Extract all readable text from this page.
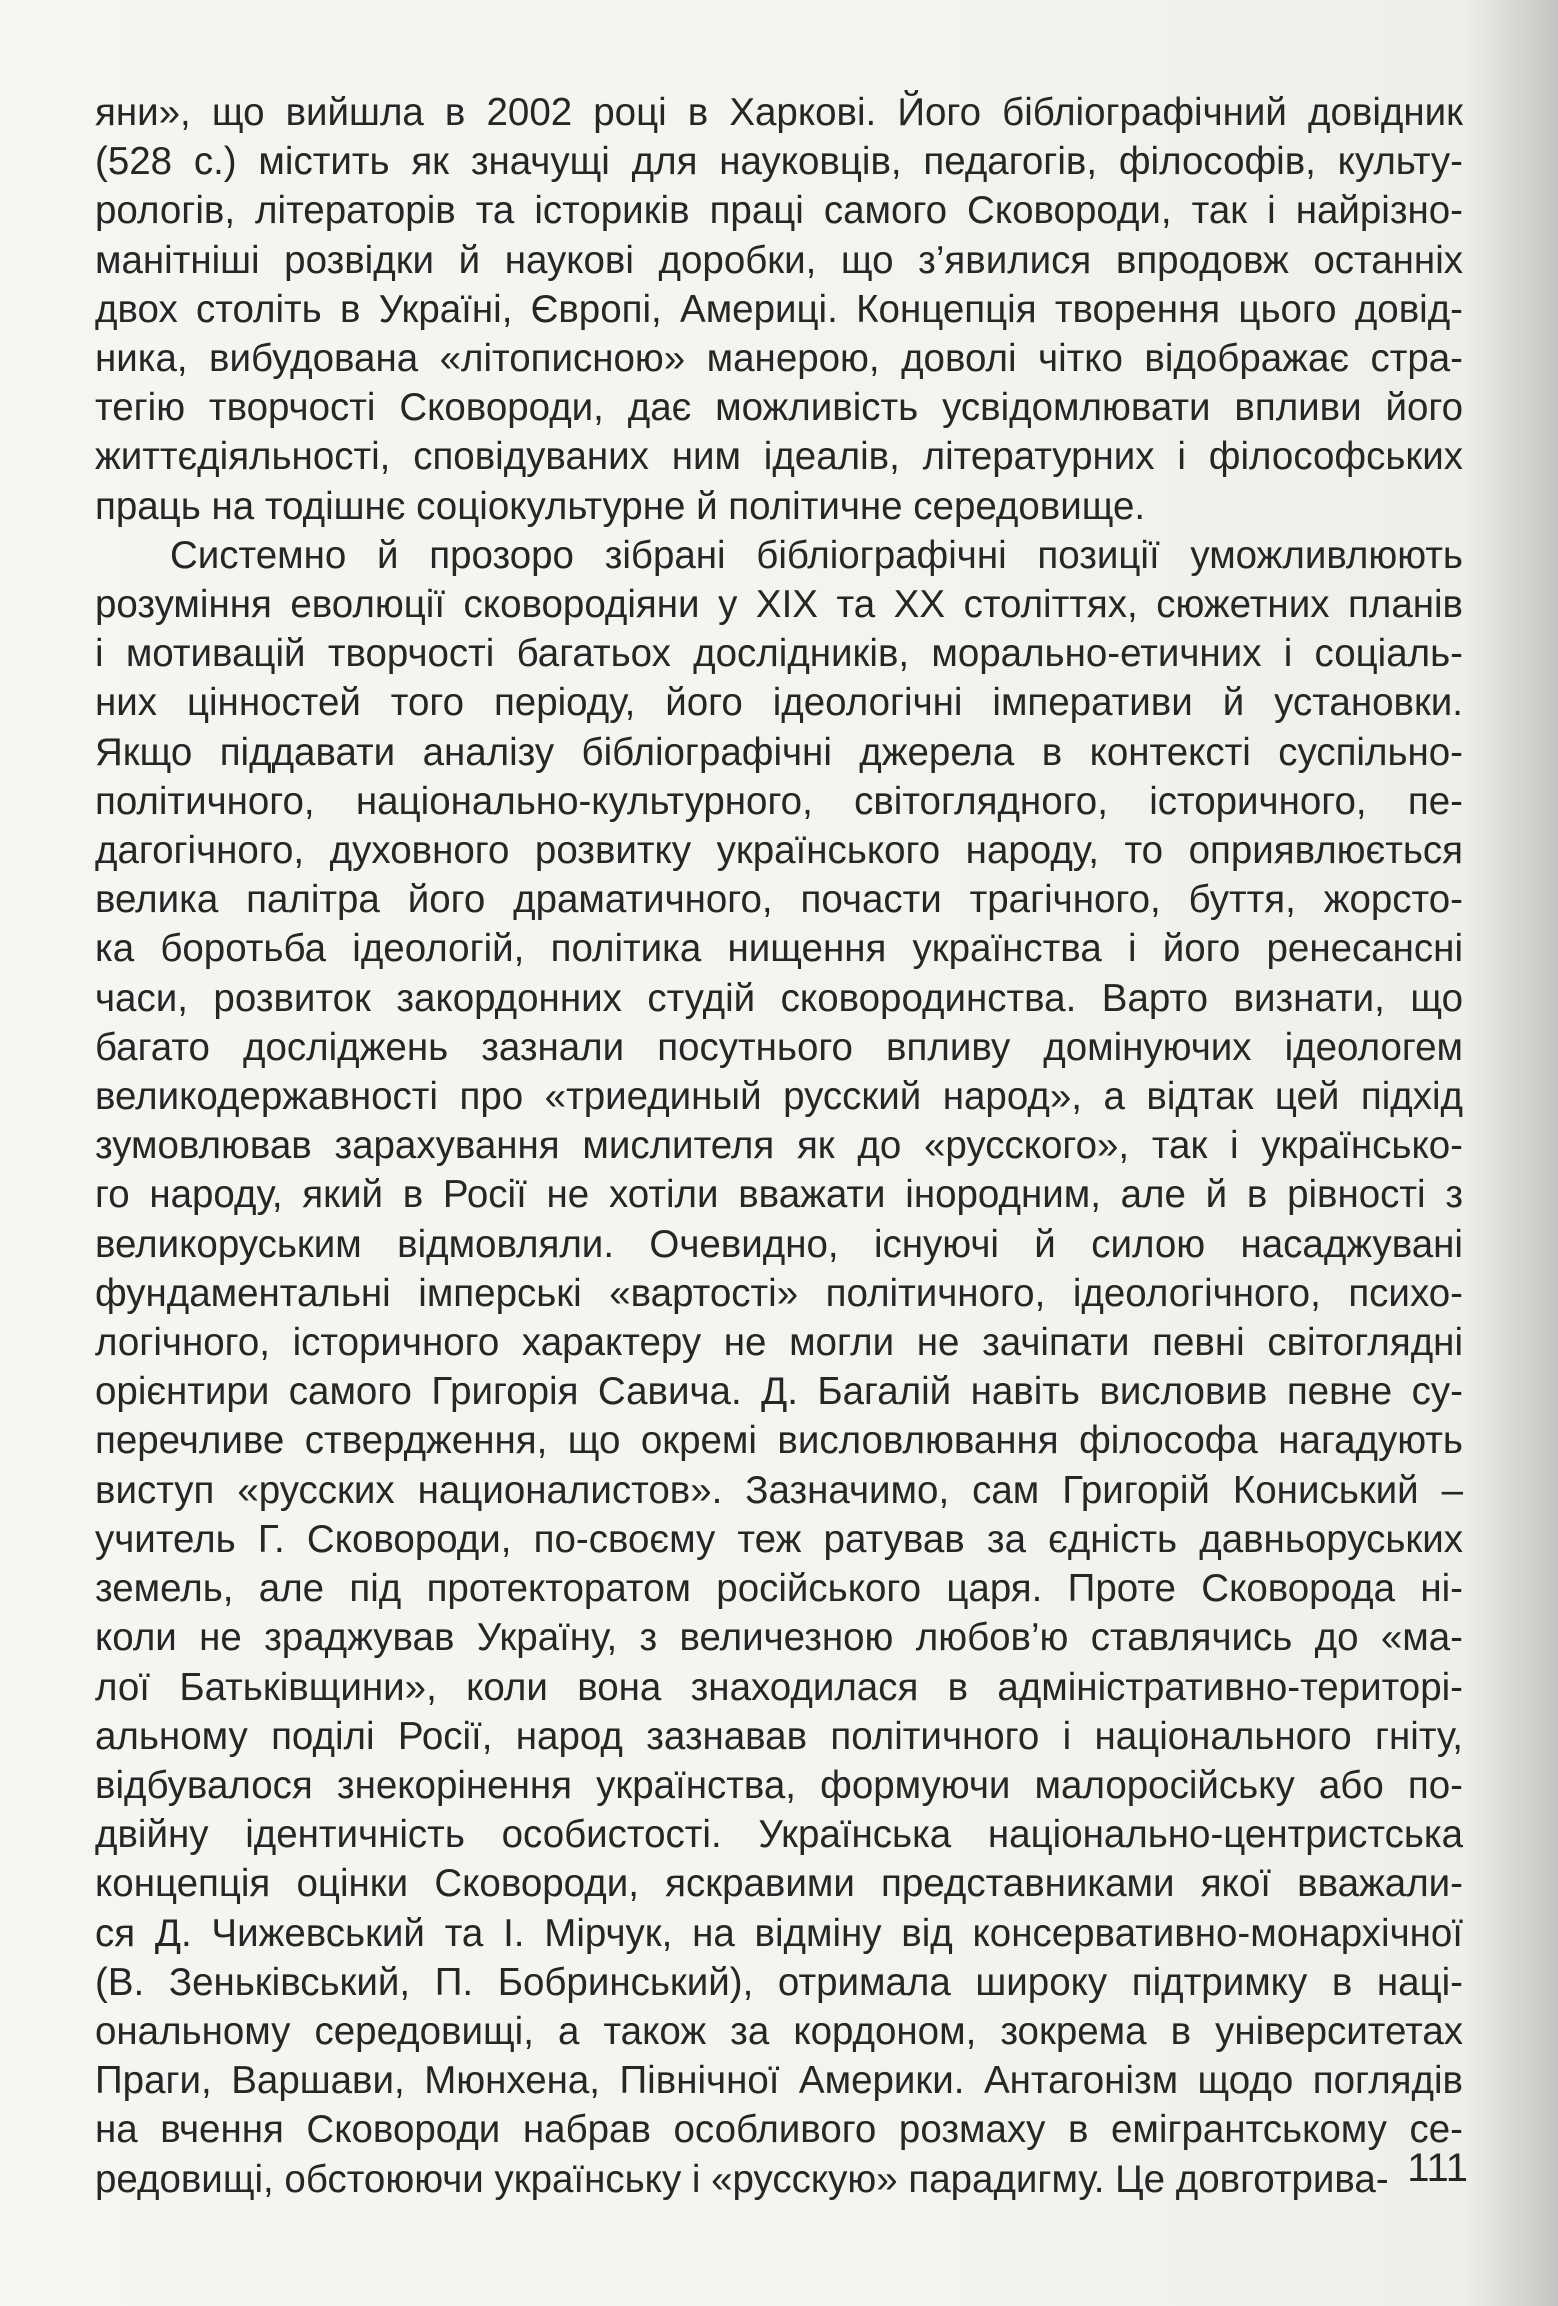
яни», що вийшла в 2002 році в Харкові. Його бібліографічний довідник
(528 с.) містить як значущі для науковців, педагогів, філософів, культу-
рологів, літераторів та істориків праці самого Сковороди, так і найрізно-
манітніші розвідки й наукові доробки, що з’явилися впродовж останніх
двох століть в Україні, Європі, Америці. Концепція творення цього довід-
ника, вибудована «літописною» манерою, доволі чітко відображає стра-
тегію творчості Сковороди, дає можливість усвідомлювати впливи його
життєдіяльності, сповідуваних ним ідеалів, літературних і філософських
праць на тодішнє соціокультурне й політичне середовище.
Системно й прозоро зібрані бібліографічні позиції уможливлюють
розуміння еволюції сковородіяни у ХІХ та ХХ століттях, сюжетних планів
і мотивацій творчості багатьох дослідників, морально-етичних і соціаль-
них цінностей того періоду, його ідеологічні імперативи й установки.
Якщо піддавати аналізу бібліографічні джерела в контексті суспільно-
політичного, національно-культурного, світоглядного, історичного, пе-
дагогічного, духовного розвитку українського народу, то оприявлюється
велика палітра його драматичного, почасти трагічного, буття, жорсто-
ка боротьба ідеологій, політика нищення українства і його ренесансні
часи, розвиток закордонних студій сковородинства. Варто визнати, що
багато досліджень зазнали посутнього впливу домінуючих ідеологем
великодержавності про «триединый русский народ», а відтак цей підхід
зумовлював зарахування мислителя як до «русского», так і українсько-
го народу, який в Росії не хотіли вважати інородним, але й в рівності з
великоруським відмовляли. Очевидно, існуючі й силою насаджувані
фундаментальні імперські «вартості» політичного, ідеологічного, психо-
логічного, історичного характеру не могли не зачіпати певні світоглядні
орієнтири самого Григорія Савича. Д. Багалій навіть висловив певне су-
перечливе ствердження, що окремі висловлювання філософа нагадують
виступ «русских националистов». Зазначимо, сам Григорій Кониський –
учитель Г. Сковороди, по-своєму теж ратував за єдність давньоруських
земель, але під протекторатом російського царя. Проте Сковорода ні-
коли не зраджував Україну, з величезною любов’ю ставлячись до «ма-
лої Батьківщини», коли вона знаходилася в адміністративно-територі-
альному поділі Росії, народ зазнавав політичного і національного гніту,
відбувалося знекорінення українства, формуючи малоросійську або по-
двійну ідентичність особистості. Українська національно-центристська
концепція оцінки Сковороди, яскравими представниками якої вважали-
ся Д. Чижевський та І. Мірчук, на відміну від консервативно-монархічної
(В. Зеньківський, П. Бобринський), отримала широку підтримку в наці-
ональному середовищі, а також за кордоном, зокрема в університетах
Праги, Варшави, Мюнхена, Північної Америки. Антагонізм щодо поглядів
на вчення Сковороди набрав особливого розмаху в емігрантському се-
редовищі, обстоюючи українську і «русскую» парадигму. Це довготрива- 111
